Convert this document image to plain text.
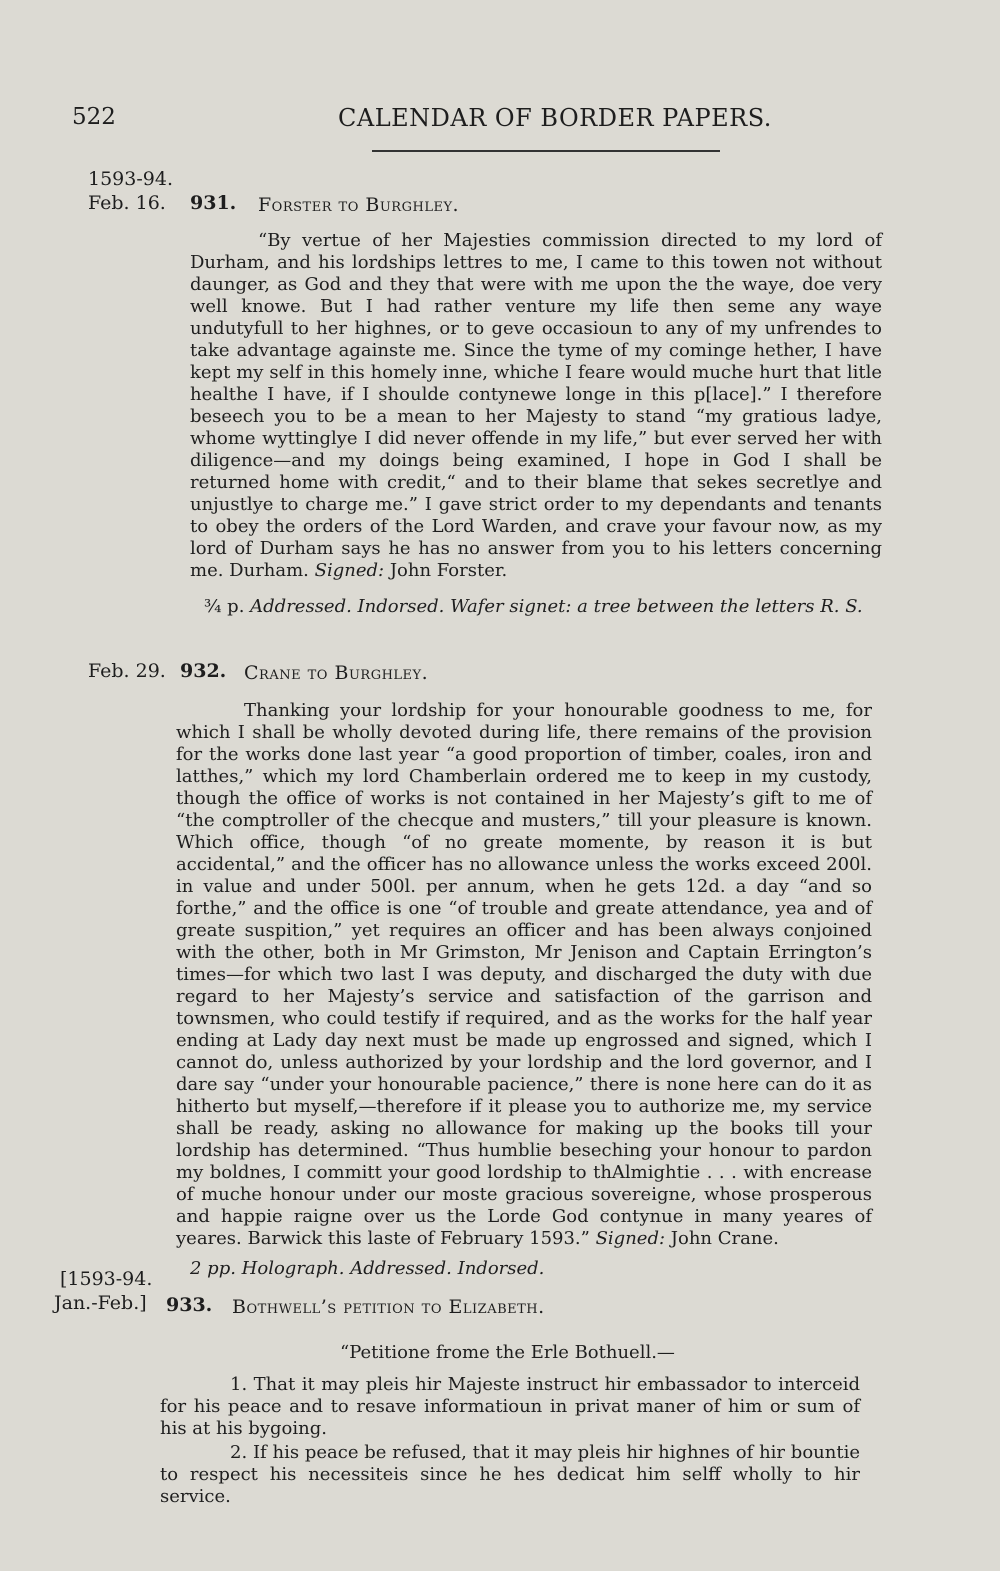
522	CALENDAR OF BORDER PAPERS.
1593-94.
Feb. 16. 931. Forster to Burghley.
“By vertue of her Majesties commission directed to my lord of Durham, and his lordships lettres to me, I came to this towen not without daunger, as God and they that were with me upon the the waye, doe very well knowe. But I had rather venture my life then seme any waye undutyfull to her highnes, or to geve occasioun to any of my unfrendes to take advantage againste me. Since the tyme of my cominge hether, I have kept my self in this homely inne, whiche I feare would muche hurt that litle healthe I have, if I shoulde contynewe longe in this p[lace].” I therefore beseech you to be a mean to her Majesty to stand “my gratious ladye, whome wyttinglye I did never offende in my life,” but ever served her with diligence—and my doings being examined, I hope in God I shall be returned home with credit,“ and to their blame that sekes secretlye and unjustlye to charge me.” I gave strict order to my dependants and tenants to obey the orders of the Lord Warden, and crave your favour now, as my lord of Durham says he has no answer from you to his letters concerning me. Durham. Signed: John Forster.
¾ p. Addressed. Indorsed. Wafer signet: a tree between the letters R. S.
Feb. 29. 932. Crane to Burghley.
Thanking your lordship for your honourable goodness to me, for which I shall be wholly devoted during life, there remains of the provision for the works done last year “a good proportion of timber, coales, iron and latthes,” which my lord Chamberlain ordered me to keep in my custody, though the office of works is not contained in her Majesty’s gift to me of “the comptroller of the checque and musters,” till your pleasure is known. Which office, though “of no greate momente, by reason it is but accidental,” and the officer has no allowance unless the works exceed 200l. in value and under 500l. per annum, when he gets 12d. a day “and so forthe,” and the office is one “of trouble and greate attendance, yea and of greate suspition,” yet requires an officer and has been always conjoined with the other, both in Mr Grimston, Mr Jenison and Captain Errington’s times—for which two last I was deputy, and discharged the duty with due regard to her Majesty’s service and satisfaction of the garrison and townsmen, who could testify if required, and as the works for the half year ending at Lady day next must be made up engrossed and signed, which I cannot do, unless authorized by your lordship and the lord governor, and I dare say “under your honourable pacience,” there is none here can do it as hitherto but myself,—therefore if it please you to authorize me, my service shall be ready, asking no allowance for making up the books till your lordship has determined. “Thus humblie beseching your honour to pardon my boldnes, I committ your good lordship to thAlmightie . . . with encrease of muche honour under our moste gracious sovereigne, whose prosperous and happie raigne over us the Lorde God contynue in many yeares of yeares. Barwick this laste of February 1593.” Signed: John Crane.
2 pp. Holograph. Addressed. Indorsed.
[1593-94.
Jan.-Feb.] 933. Bothwell’s petition to Elizabeth.
“Petitione frome the Erle Bothuell.—
1. That it may pleis hir Majeste instruct hir embassador to interceid for his peace and to resave informatioun in privat maner of him or sum of his at his bygoing.
2. If his peace be refused, that it may pleis hir highnes of hir bountie to respect his necessiteis since he hes dedicat him selff wholly to hir service.
